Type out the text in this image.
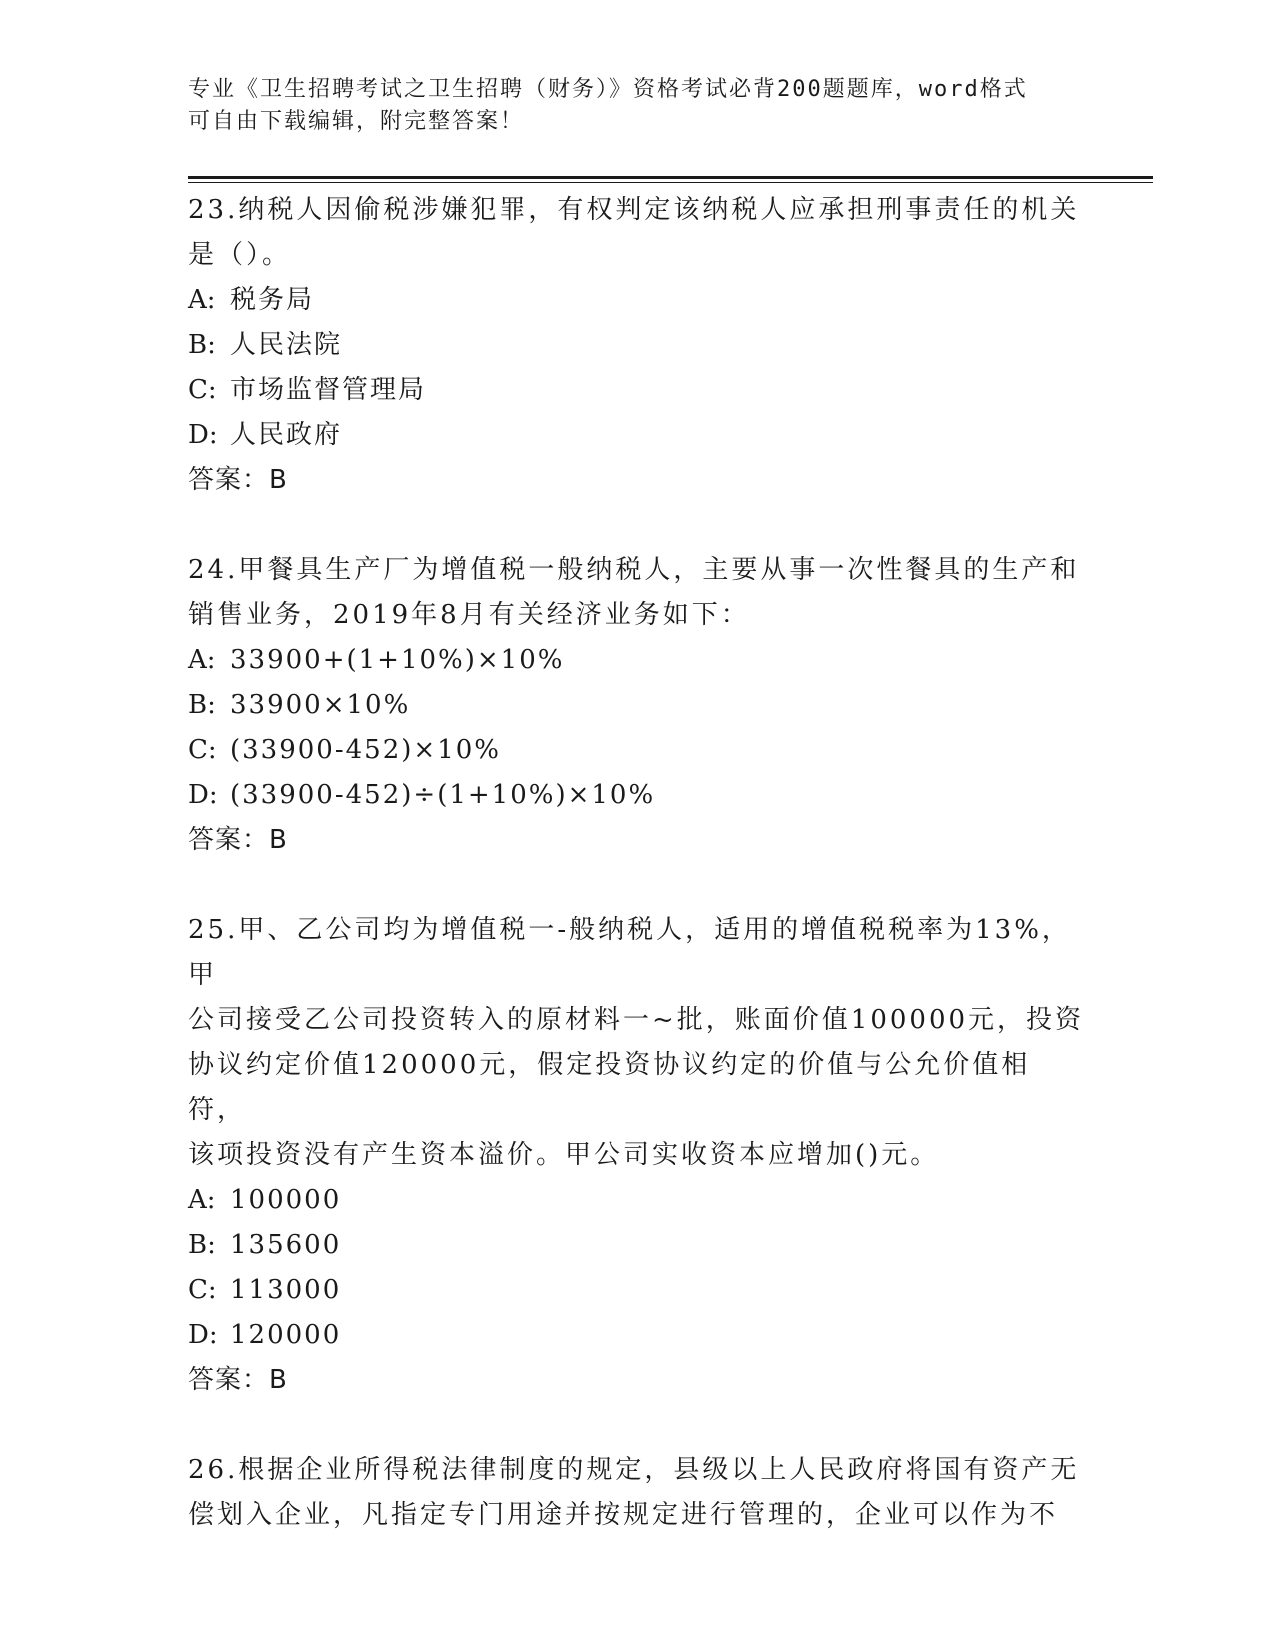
专业《卫生招聘考试之卫生招聘（财务）》资格考试必背200题题库，word格式

可自由下载编辑，附完整答案！

23.纳税人因偷税涉嫌犯罪，有权判定该纳税人应承担刑事责任的机关

是（）。

A: 税务局

B: 人民法院

C: 市场监督管理局

D: 人民政府

答案：B

24.甲餐具生产厂为增值税一般纳税人，主要从事一次性餐具的生产和

销售业务，2019年8月有关经济业务如下：

A: 33900+(1+10%)×10%

B: 33900×10%

C: (33900-452)×10%

D: (33900-452)÷(1+10%)×10%

答案：B

25.甲、乙公司均为增值税一-般纳税人，适用的增值税税率为13%，甲

公司接受乙公司投资转入的原材料一~批，账面价值100000元，投资

协议约定价值120000元，假定投资协议约定的价值与公允价值相符，

该项投资没有产生资本溢价。甲公司实收资本应增加()元。

A: 100000

B: 135600

C: 113000

D: 120000

答案：B

26.根据企业所得税法律制度的规定，县级以上人民政府将国有资产无

偿划入企业，凡指定专门用途并按规定进行管理的，企业可以作为不
